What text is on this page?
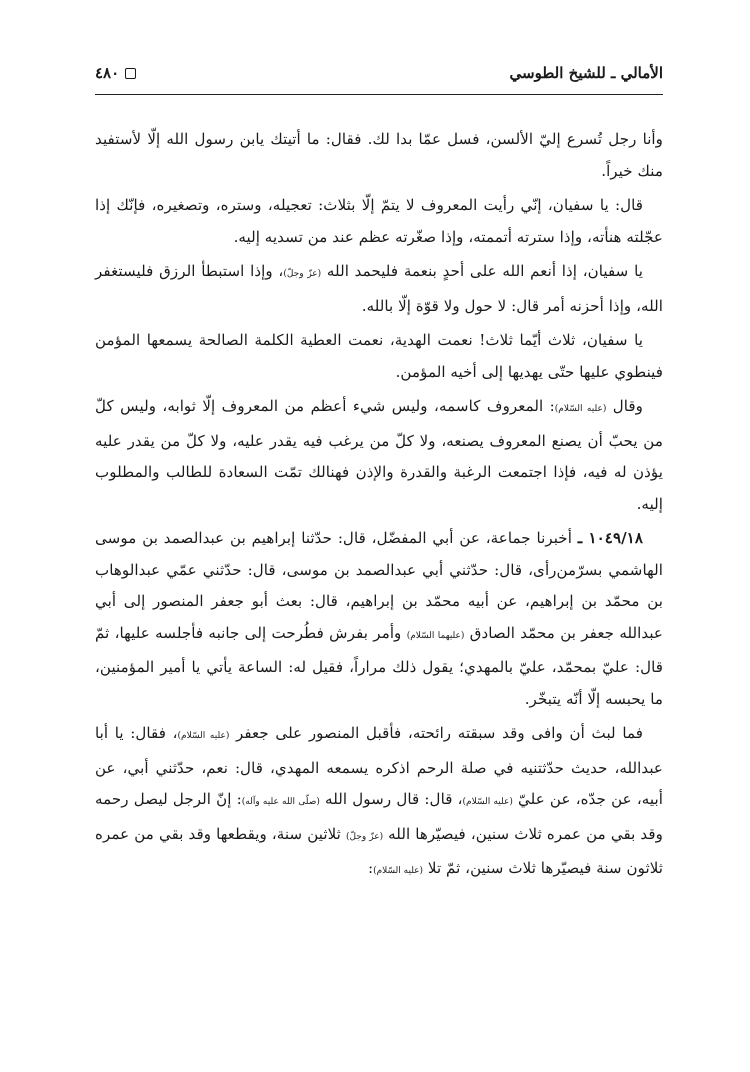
الأمالي ـ للشيخ الطوسي
٤٨٠

وأنا رجل تُسرع إليّ الألسن، فسل عمّا بدا لك. فقال: ما أتيتك يابن رسول الله إلّا لأستفيد منك خيراً.

قال: يا سفيان، إنّي رأيت المعروف لا يتمّ إلّا بثلاث: تعجيله، وستره، وتصغيره، فإنّك إذا عجّلته هنأته، وإذا سترته أتممته، وإذا صغّرته عظم عند من تسديه إليه.

يا سفيان، إذا أنعم الله على أحدٍ بنعمة فليحمد الله (عزّ وجلّ)، وإذا استبطأ الرزق فليستغفر الله، وإذا أحزنه أمر قال: لا حول ولا قوّة إلّا بالله.

يا سفيان، ثلاث أيّما ثلاث! نعمت الهدية، نعمت العطية الكلمة الصالحة يسمعها المؤمن فينطوي عليها حتّى يهديها إلى أخيه المؤمن.

وقال (عليه السّلام): المعروف كاسمه، وليس شيء أعظم من المعروف إلّا ثوابه، وليس كلّ من يحبّ أن يصنع المعروف يصنعه، ولا كلّ من يرغب فيه يقدر عليه، ولا كلّ من يقدر عليه يؤذن له فيه، فإذا اجتمعت الرغبة والقدرة والإذن فهنالك تمّت السعادة للطالب والمطلوب إليه.

١٠٤٩/١٨ ـ أخبرنا جماعة، عن أبي المفضّل، قال: حدّثنا إبراهيم بن عبدالصمد بن موسى الهاشمي بسرّمن‌رأى، قال: حدّثني أبي عبدالصمد بن موسى، قال: حدّثني عمّي عبدالوهاب بن محمّد بن إبراهيم، عن أبيه محمّد بن إبراهيم، قال: بعث أبو جعفر المنصور إلى أبي عبدالله جعفر بن محمّد الصادق (عليهما السّلام) وأمر بفرش فطُرحت إلى جانبه فأجلسه عليها، ثمّ قال: عليّ بمحمّد، عليّ بالمهدي؛ يقول ذلك مراراً، فقيل له: الساعة يأتي يا أمير المؤمنين، ما يحبسه إلّا أنّه يتبخّر.

فما لبث أن وافى وقد سبقته رائحته، فأقبل المنصور على جعفر (عليه السّلام)، فقال: يا أبا عبدالله، حديث حدّثتنيه في صلة الرحم اذكره يسمعه المهدي، قال: نعم، حدّثني أبي، عن أبيه، عن جدّه، عن عليّ (عليه السّلام)، قال: قال رسول الله (صلّى الله عليه وآله): إنّ الرجل ليصل رحمه وقد بقي من عمره ثلاث سنين، فيصيّرها الله (عزّ وجلّ) ثلاثين سنة، ويقطعها وقد بقي من عمره ثلاثون سنة فيصيّرها ثلاث سنين، ثمّ تلا (عليه السّلام):
